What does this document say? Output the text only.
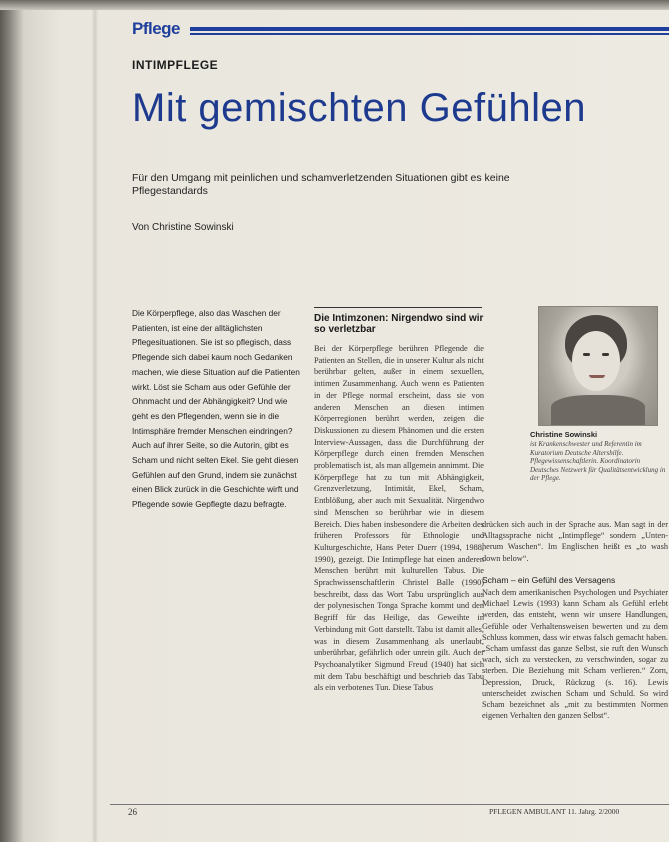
Pflege
INTIMPFLEGE
Mit gemischten Gefühlen
Für den Umgang mit peinlichen und schamverletzenden Situationen gibt es keine Pflegestandards
Von Christine Sowinski

Die Körperpflege, also das Waschen der Patienten, ist eine der alltäglichsten Pflegesituationen. Sie ist so pflegisch, dass Pflegende sich dabei kaum noch Gedanken machen, wie diese Situation auf die Patienten wirkt. Löst sie Scham aus oder Gefühle der Ohnmacht und der Abhängigkeit? Und wie geht es den Pflegenden, wenn sie in die Intimsphäre fremder Menschen eindringen? Auch auf ihrer Seite, so die Autorin, gibt es Scham und nicht selten Ekel. Sie geht diesen Gefühlen auf den Grund, indem sie zunächst einen Blick zurück in die Geschichte wirft und Pflegende sowie Gepflegte dazu befragte.

Die Intimzonen: Nirgendwo sind wir so verletzbar

Bei der Körperpflege berühren Pflegende die Patienten an Stellen, die in unserer Kultur als nicht berührbar gelten, außer in einem sexuellen, intimen Zusammenhang. Auch wenn es Patienten in der Pflege normal erscheint, dass sie von anderen Menschen an diesen intimen Körperregionen berührt werden, zeigen die Diskussionen zu diesem Phänomen und die ersten Interview-Aussagen, dass die Durchführung der Körperpflege durch einen fremden Menschen problematisch ist, als man allgemein annimmt. Die Körperpflege hat zu tun mit Abhängigkeit, Grenzverletzung, Intimität, Ekel, Scham, Entblößung, aber auch mit Sexualität. Nirgendwo sind Menschen so berührbar wie in diesem Bereich. Dies haben insbesondere die Arbeiten des früheren Professors für Ethnologie und Kulturgeschichte, Hans Peter Duerr (1994, 1988, 1990), gezeigt. Die Intimpflege hat einen anderen Menschen berührt mit kulturellen Tabus. Die Sprachwissenschaftlerin Christel Balle (1990) beschreibt, dass das Wort Tabu ursprünglich aus der polynesischen Tonga Sprache kommt und den Begriff für das Heilige, das Geweihte in Verbindung mit Gott darstellt. Tabu ist damit alles, was in diesem Zusammenhang als unerlaubt, unberührbar, gefährlich oder unrein gilt. Auch der Psychoanalytiker Sigmund Freud (1940) hat sich mit dem Tabu beschäftigt und beschrieb das Tabu als ein verbotenes Tun. Diese Tabus

Christine Sowinski

ist Krankenschwester und Referentin im Kuratorium Deutsche Altershilfe. Pflegewissenschaftlerin. Koordinatorin Deutsches Netzwerk für Qualitätsentwicklung in der Pflege.

drücken sich auch in der Sprache aus. Man sagt in der Alltagssprache nicht „Intimpflege“ sondern „Unten-herum Waschen“. Im Englischen heißt es „to wash down below“.

Scham – ein Gefühl des Versagens

Nach dem amerikanischen Psychologen und Psychiater Michael Lewis (1993) kann Scham als Gefühl erlebt werden, das entsteht, wenn wir unsere Handlungen, Gefühle oder Verhaltensweisen bewerten und zu dem Schluss kommen, dass wir etwas falsch gemacht haben. „Scham umfasst das ganze Selbst, sie ruft den Wunsch wach, sich zu verstecken, zu verschwinden, sogar zu sterben. Die Beziehung mit Scham verlieren.“ Zorn, Depression, Druck, Rückzug (s. 16). Lewis unterscheidet zwischen Scham und Schuld. So wird Scham bezeichnet als „mit zu bestimmten Normen eigenen Verhalten den ganzen Selbst“.

26	PFLEGEN AMBULANT 11. Jahrg. 2/2000
